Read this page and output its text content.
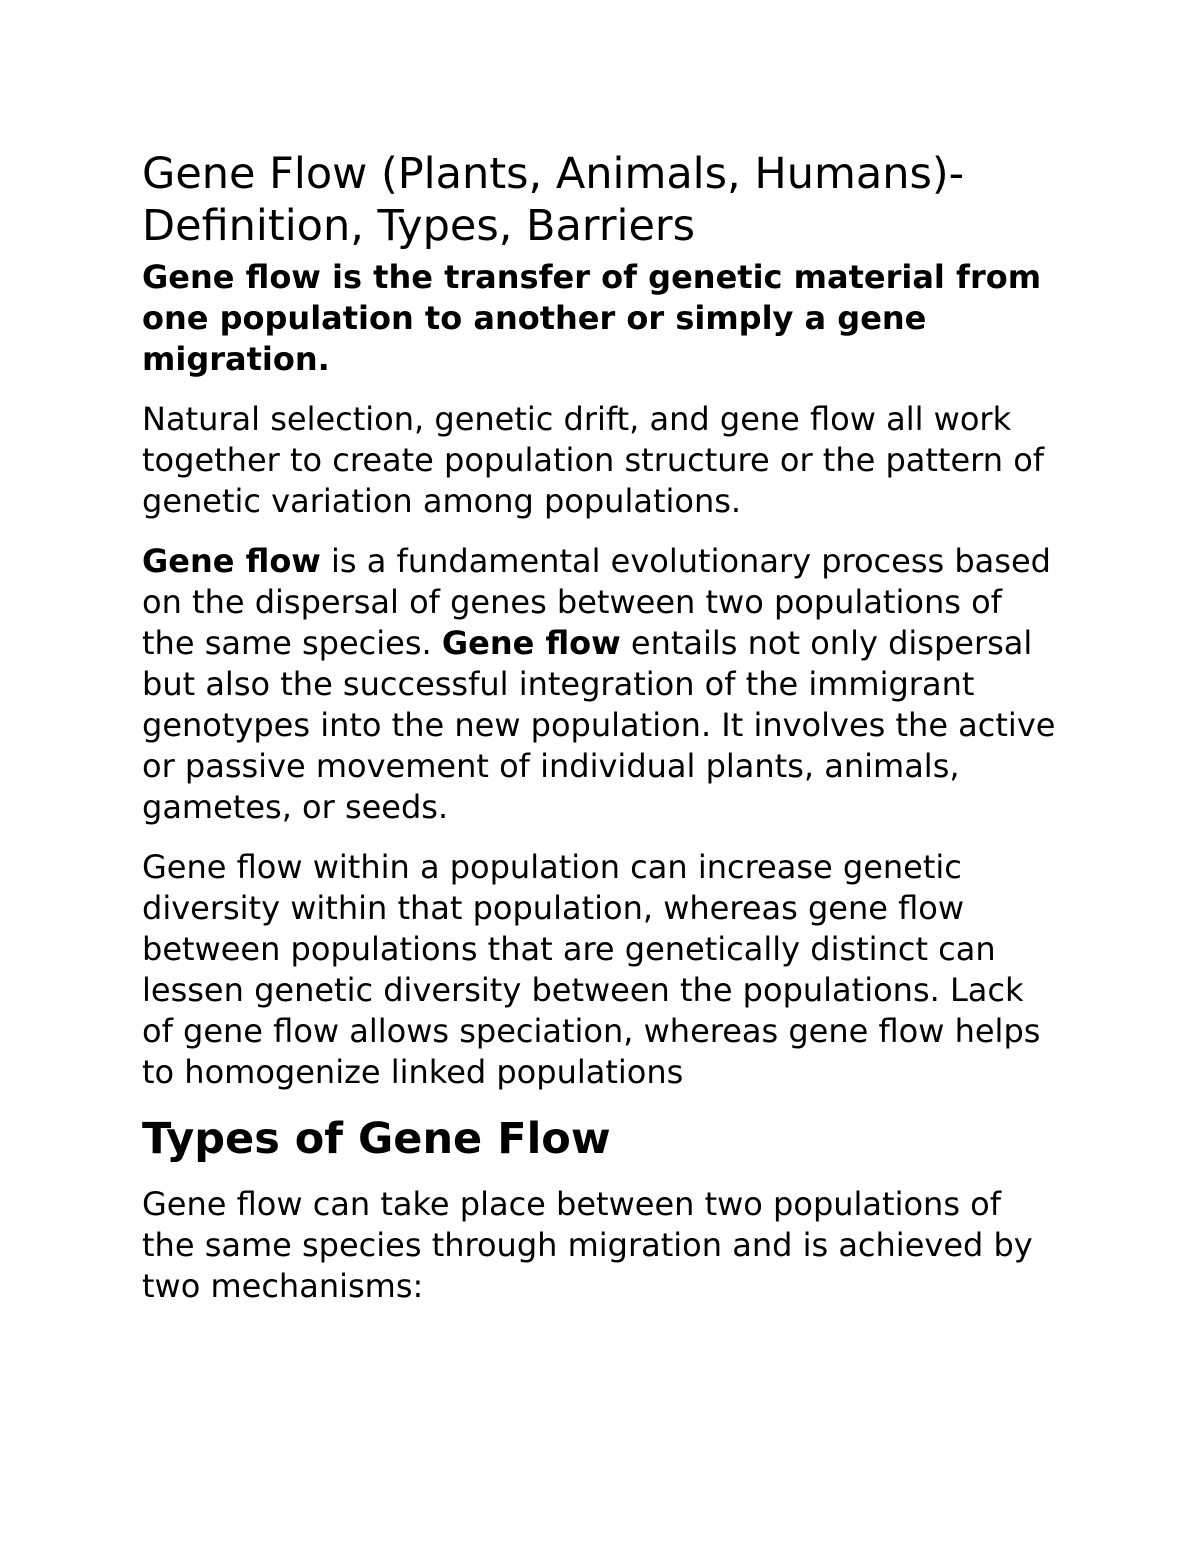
Gene Flow (Plants, Animals, Humans)-
Definition, Types, Barriers

Gene flow is the transfer of genetic material from one population to another or simply a gene migration.

Natural selection, genetic drift, and gene flow all work together to create population structure or the pattern of genetic variation among populations.

Gene flow is a fundamental evolutionary process based on the dispersal of genes between two populations of the same species. Gene flow entails not only dispersal but also the successful integration of the immigrant genotypes into the new population. It involves the active or passive movement of individual plants, animals, gametes, or seeds.

Gene flow within a population can increase genetic diversity within that population, whereas gene flow between populations that are genetically distinct can lessen genetic diversity between the populations. Lack of gene flow allows speciation, whereas gene flow helps to homogenize linked populations

Types of Gene Flow

Gene flow can take place between two populations of the same species through migration and is achieved by two mechanisms:
